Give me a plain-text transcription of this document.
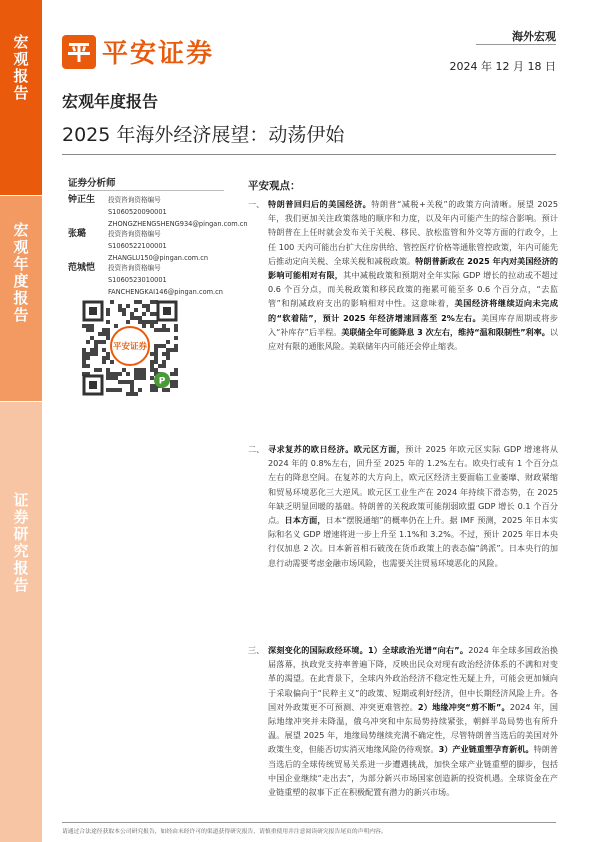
宏观报告
宏观年度报告
证券研究报告
平安证券
海外宏观
2024 年 12 月 18 日
宏观年度报告
2025 年海外经济展望：动荡伊始
证券分析师
钟正生 投资咨询资格编号
S1060520090001
ZHONGZHENGSHENG934@pingan.com.cn
张璐	投资咨询资格编号
S1060522100001
ZHANGLU150@pingan.com.cn
范城恺 投资咨询资格编号
S1060523010001
FANCHENGKAI146@pingan.com.cn
平安证券
P
平安观点：
一、 特朗普回归后的美国经济。特朗普“减税+关税”的政策方向清晰。展望 2025 年，我们更加关注政策落地的顺序和力度，以及年内可能产生的综合影响。预计特朗普在上任时就会发布关于关税、移民、放松监管和外交等方面的行政令，上任 100 天内可能出台扩大住房供给、管控医疗价格等通胀管控政策，年内可能先后推动定向关税、全球关税和减税政策。特朗普新政在 2025 年内对美国经济的影响可能相对有限，其中减税政策和预期对全年实际 GDP 增长的拉动或不超过 0.6 个百分点，而关税政策和移民政策的拖累可能至多 0.6 个百分点，“去监管”和削减政府支出的影响相对中性。这意味着，美国经济将继续迈向未完成的“软着陆”，预计 2025 年经济增速回落至 2%左右。美国库存周期或将步入“补库存”后半程。美联储全年可能降息 3 次左右，维持“温和限制性”利率。以应对有限的通胀风险。美联储年内可能还会停止缩表。
二、 寻求复苏的欧日经济。欧元区方面，预计 2025 年欧元区实际 GDP 增速将从 2024 年的 0.8%左右，回升至 2025 年的 1.2%左右。欧央行或有 1 个百分点左右的降息空间。在复苏的大方向上，欧元区经济主要面临工业萎靡、财政紧缩和贸易环境恶化三大逆风。欧元区工业生产在 2024 年持续下滑态势，在 2025 年缺乏明显回暖的基础。特朗普的关税政策可能削弱欧盟 GDP 增长 0.1 个百分点。日本方面，日本“摆脱通缩”的概率仍在上升。据 IMF 预测，2025 年日本实际和名义 GDP 增速将进一步上升至 1.1%和 3.2%。不过，预计 2025 年日本央行仅加息 2 次。日本新首相石破茂在货币政策上的表态偏“鸽派”。日本央行的加息行动需要考虑金融市场风险，也需要关注贸易环境恶化的风险。
三、 深刻变化的国际政经环境。1）全球政治光谱“向右”。2024 年全球多国政治换届落幕，执政党支持率普遍下降，反映出民众对现有政治经济体系的不满和对变革的渴望。在此背景下，全球内外政治经济不稳定性无疑上升，可能会更加倾向于采取偏向于“民粹主义”的政策、短期或利好经济，但中长期经济风险上升。各国对外政策更不可预测、冲突更难管控。2）地缘冲突“剪不断”。2024 年，国际地缘冲突并未降温，俄乌冲突和中东局势持续紧张，朝鲜半岛局势也有所升温。展望 2025 年，地缘局势继续充满不确定性，尽管特朗普当选后的美国对外政策生变，但能否切实消灭地缘风险仍待观察。3）产业链重塑孕育新机。特朗普当选后的全球传统贸易关系进一步遭遇挑战，加快全球产业链重塑的脚步，包括中国企业继续“走出去”，为部分新兴市场国家创造新的投资机遇。全球资金在产业链重塑的叙事下正在积极配置有潜力的新兴市场。
请通过合法途径获取本公司研究报告，如经由未经许可的渠道获得研究报告，请慎重使用并注意阅读研究报告尾页的声明内容。
